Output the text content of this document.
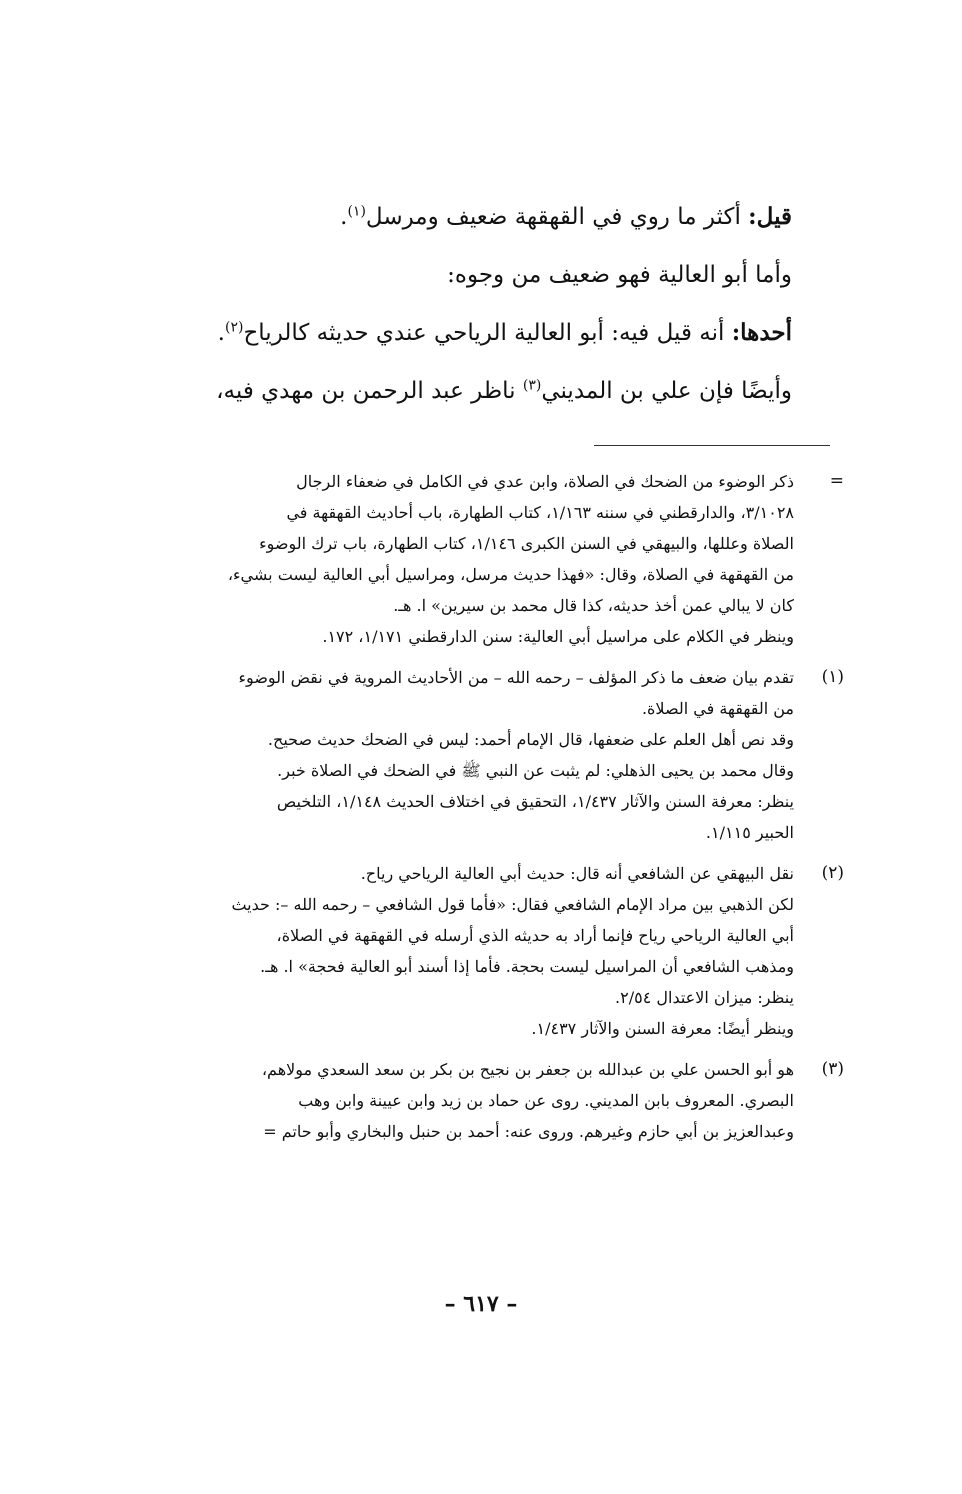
قيل: أكثر ما روي في القهقهة ضعيف ومرسل$^{(١)}$.

وأما أبو العالية فهو ضعيف من وجوه:

أحدها: أنه قيل فيه: أبو العالية الرياحي عندي حديثه كالرياح$^{(٢)}$.

وأيضًا فإن علي بن المديني$^{(٣)}$ ناظر عبد الرحمن بن مهدي فيه،

=
ذكر الوضوء من الضحك في الصلاة، وابن عدي في الكامل في ضعفاء الرجال
٣/١٠٢٨، والدارقطني في سننه ١/١٦٣، كتاب الطهارة، باب أحاديث القهقهة في
الصلاة وعللها، والبيهقي في السنن الكبرى ١/١٤٦، كتاب الطهارة، باب ترك الوضوء
من القهقهة في الصلاة، وقال: «فهذا حديث مرسل، ومراسيل أبي العالية ليست بشيء،
كان لا يبالي عمن أخذ حديثه، كذا قال محمد بن سيرين» ا. هـ.
وينظر في الكلام على مراسيل أبي العالية: سنن الدارقطني ١/١٧١، ١٧٢.
(١)
تقدم بيان ضعف ما ذكر المؤلف – رحمه الله – من الأحاديث المروية في نقض الوضوء
من القهقهة في الصلاة.
وقد نص أهل العلم على ضعفها، قال الإمام أحمد: ليس في الضحك حديث صحيح.
وقال محمد بن يحيى الذهلي: لم يثبت عن النبي ﷺ في الضحك في الصلاة خبر.
ينظر: معرفة السنن والآثار ١/٤٣٧، التحقيق في اختلاف الحديث ١/١٤٨، التلخيص
الحبير ١/١١٥.
(٢)
نقل البيهقي عن الشافعي أنه قال: حديث أبي العالية الرياحي رياح.
لكن الذهبي بين مراد الإمام الشافعي فقال: «فأما قول الشافعي – رحمه الله –: حديث
أبي العالية الرياحي رياح فإنما أراد به حديثه الذي أرسله في القهقهة في الصلاة،
ومذهب الشافعي أن المراسيل ليست بحجة. فأما إذا أسند أبو العالية فحجة» ا. هـ.
ينظر: ميزان الاعتدال ٢/٥٤.
وينظر أيضًا: معرفة السنن والآثار ١/٤٣٧.
(٣)
هو أبو الحسن علي بن عبدالله بن جعفر بن نجيح بن بكر بن سعد السعدي مولاهم،
البصري. المعروف بابن المديني. روى عن حماد بن زيد وابن عيينة وابن وهب
وعبدالعزيز بن أبي حازم وغيرهم. وروى عنه: أحمد بن حنبل والبخاري وأبو حاتم =
– ٦١٧ –
